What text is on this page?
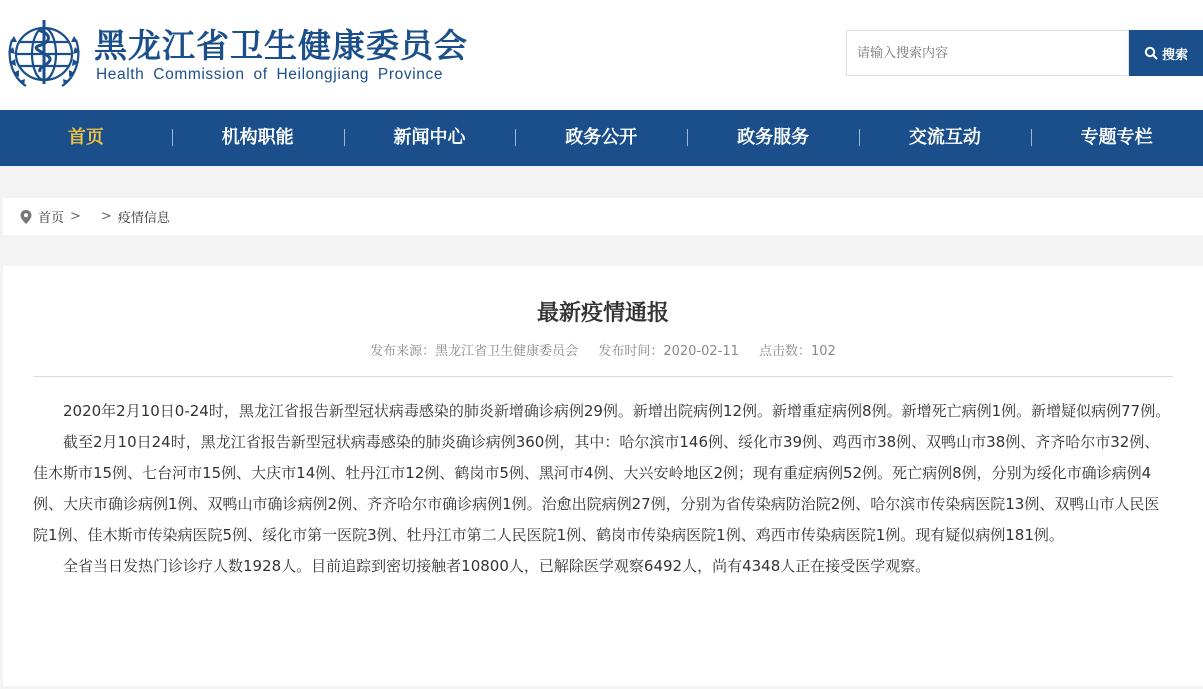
黑龙江省卫生健康委员会
Health Commission of Heilongjiang Province
请输入搜索内容
搜索
首页	机构职能	新闻中心	政务公开	政务服务	交流互动	专题专栏
首页 > > 疫情信息
最新疫情通报
发布来源：黑龙江省卫生健康委员会 发布时间：2020-02-11 点击数：102

2020年2月10日0-24时，黑龙江省报告新型冠状病毒感染的肺炎新增确诊病例29例。新增出院病例12例。新增重症病例8例。新增死亡病例1例。新增疑似病例77例。

截至2月10日24时，黑龙江省报告新型冠状病毒感染的肺炎确诊病例360例，其中：哈尔滨市146例、绥化市39例、鸡西市38例、双鸭山市38例、齐齐哈尔市32例、佳木斯市15例、七台河市15例、大庆市14例、牡丹江市12例、鹤岗市5例、黑河市4例、大兴安岭地区2例；现有重症病例52例。死亡病例8例，分别为绥化市确诊病例4例、大庆市确诊病例1例、双鸭山市确诊病例2例、齐齐哈尔市确诊病例1例。治愈出院病例27例，分别为省传染病防治院2例、哈尔滨市传染病医院13例、双鸭山市人民医院1例、佳木斯市传染病医院5例、绥化市第一医院3例、牡丹江市第二人民医院1例、鹤岗市传染病医院1例、鸡西市传染病医院1例。现有疑似病例181例。

全省当日发热门诊诊疗人数1928人。目前追踪到密切接触者10800人，已解除医学观察6492人，尚有4348人正在接受医学观察。
